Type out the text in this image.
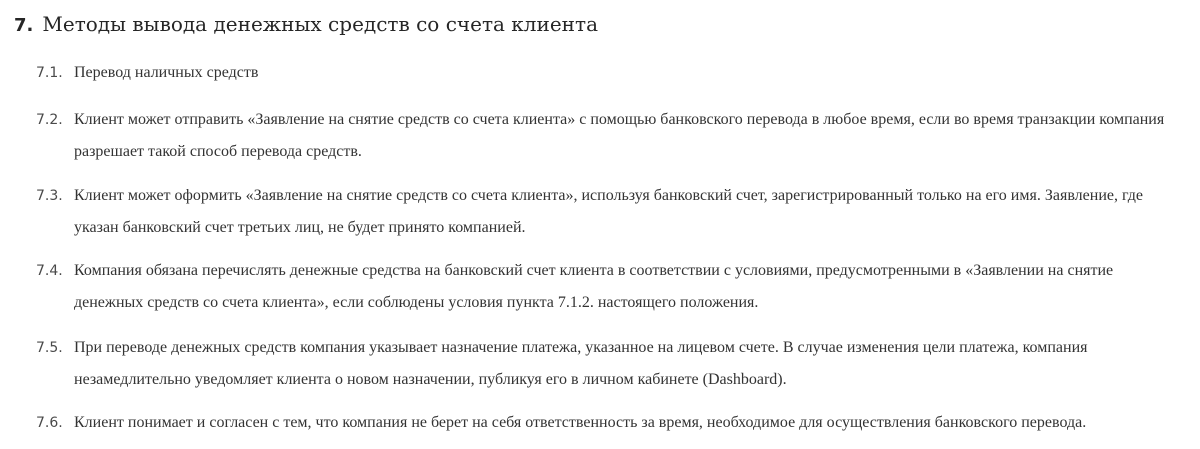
7. Методы вывода денежных средств со счета клиента
7.1. Перевод наличных средств
7.2. Клиент может отправить «Заявление на снятие средств со счета клиента» с помощью банковского перевода в любое время, если во время транзакции компания разрешает такой способ перевода средств.
7.3. Клиент может оформить «Заявление на снятие средств со счета клиента», используя банковский счет, зарегистрированный только на его имя. Заявление, где указан банковский счет третьих лиц, не будет принято компанией.
7.4. Компания обязана перечислять денежные средства на банковский счет клиента в соответствии с условиями, предусмотренными в «Заявлении на снятие денежных средств со счета клиента», если соблюдены условия пункта 7.1.2. настоящего положения.
7.5. При переводе денежных средств компания указывает назначение платежа, указанное на лицевом счете. В случае изменения цели платежа, компания незамедлительно уведомляет клиента о новом назначении, публикуя его в личном кабинете (Dashboard).
7.6. Клиент понимает и согласен с тем, что компания не берет на себя ответственность за время, необходимое для осуществления банковского перевода.
